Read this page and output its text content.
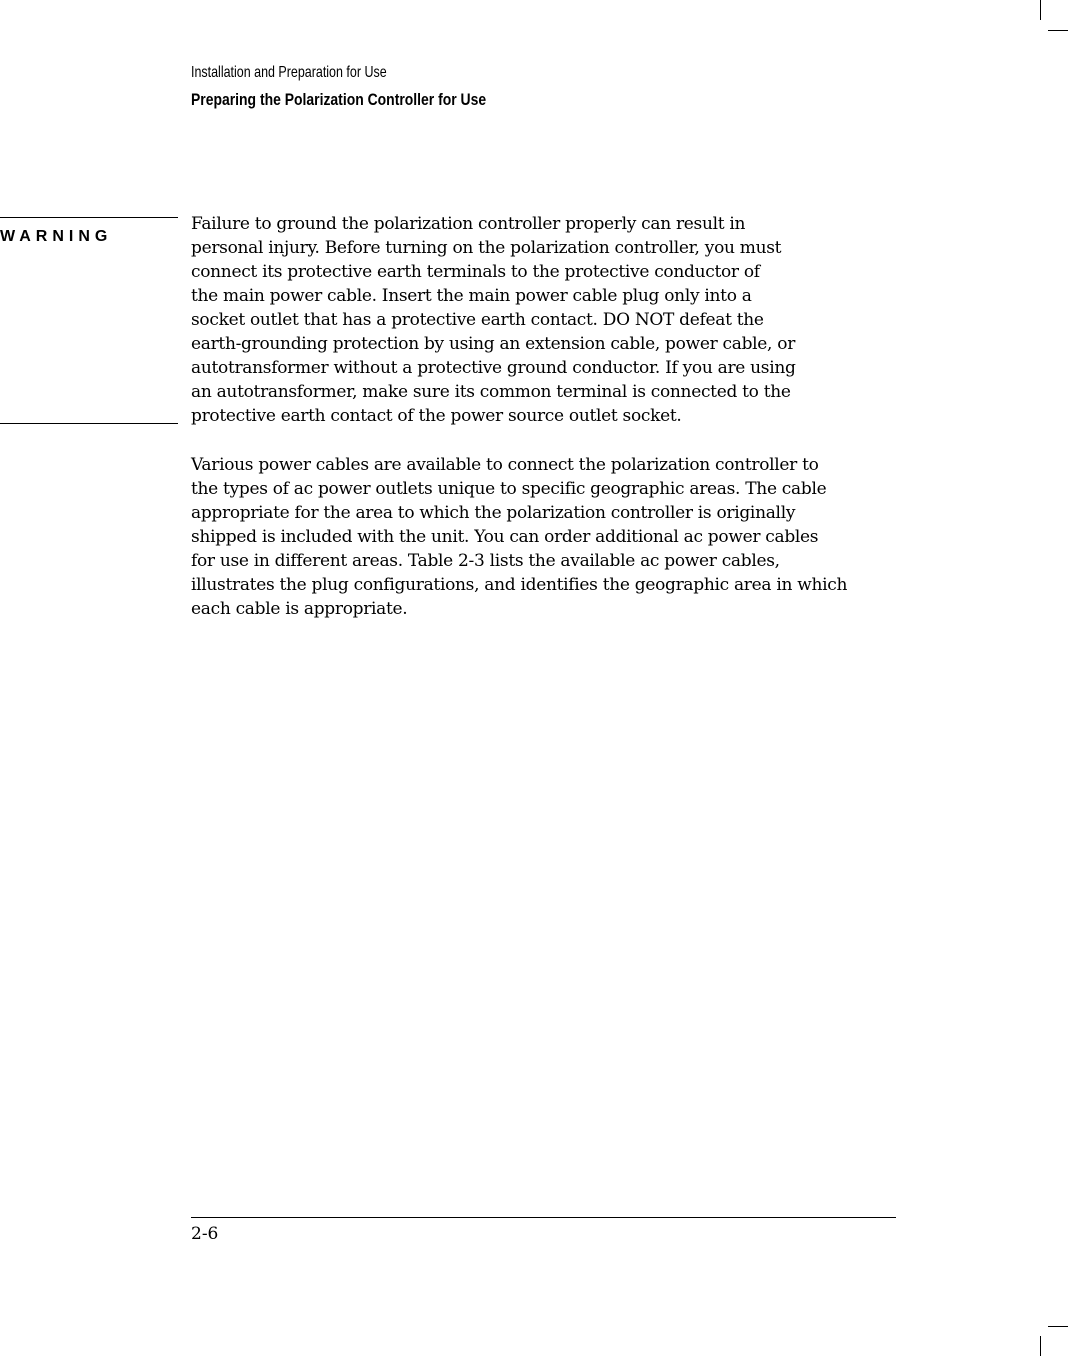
Installation and Preparation for Use
Preparing the Polarization Controller for Use
WARNING
Failure to ground the polarization controller properly can result in
personal injury. Before turning on the polarization controller, you must
connect its protective earth terminals to the protective conductor of
the main power cable. Insert the main power cable plug only into a
socket outlet that has a protective earth contact. DO NOT defeat the
earth-grounding protection by using an extension cable, power cable, or
autotransformer without a protective ground conductor. If you are using
an autotransformer, make sure its common terminal is connected to the
protective earth contact of the power source outlet socket.
Various power cables are available to connect the polarization controller to
the types of ac power outlets unique to specific geographic areas. The cable
appropriate for the area to which the polarization controller is originally
shipped is included with the unit. You can order additional ac power cables
for use in different areas. Table 2-3 lists the available ac power cables,
illustrates the plug configurations, and identifies the geographic area in which
each cable is appropriate.
2-6
